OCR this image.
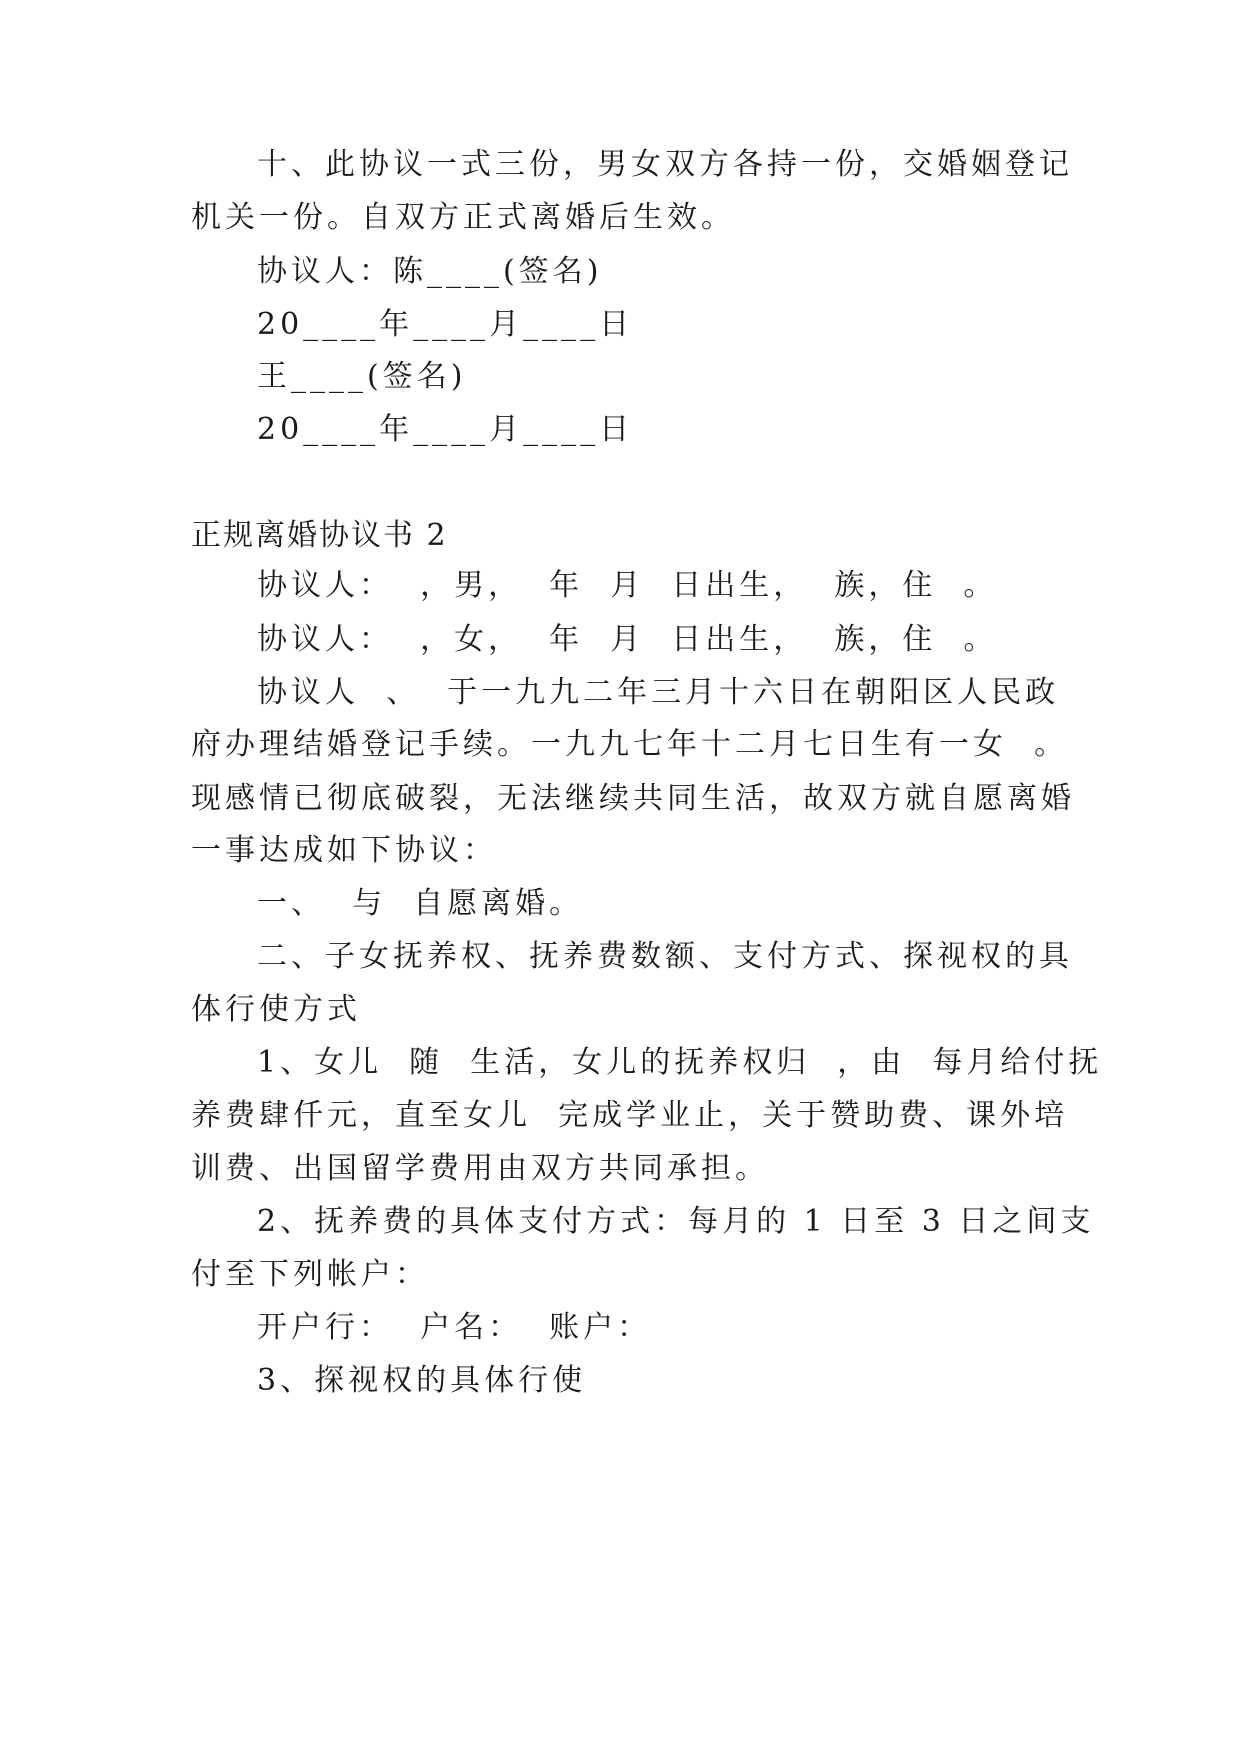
十、此协议一式三份，男女双方各持一份，交婚姻登记
机关一份。自双方正式离婚后生效。
协议人：陈____(签名)
20____年____月____日
王____(签名)
20____年____月____日
正规离婚协议书 2
协议人：  ，男，  年  月  日出生，  族，住  。
协议人：  ，女，  年  月  日出生，  族，住  。
协议人  、  于一九九二年三月十六日在朝阳区人民政
府办理结婚登记手续。一九九七年十二月七日生有一女  。
现感情已彻底破裂，无法继续共同生活，故双方就自愿离婚
一事达成如下协议：
一、  与  自愿离婚。
二、子女抚养权、抚养费数额、支付方式、探视权的具
体行使方式
1、女儿  随  生活，女儿的抚养权归  ，由  每月给付抚
养费肆仟元，直至女儿  完成学业止，关于赞助费、课外培
训费、出国留学费用由双方共同承担。
2、抚养费的具体支付方式：每月的 1 日至 3 日之间支
付至下列帐户：
开户行：  户名：  账户：
3、探视权的具体行使
